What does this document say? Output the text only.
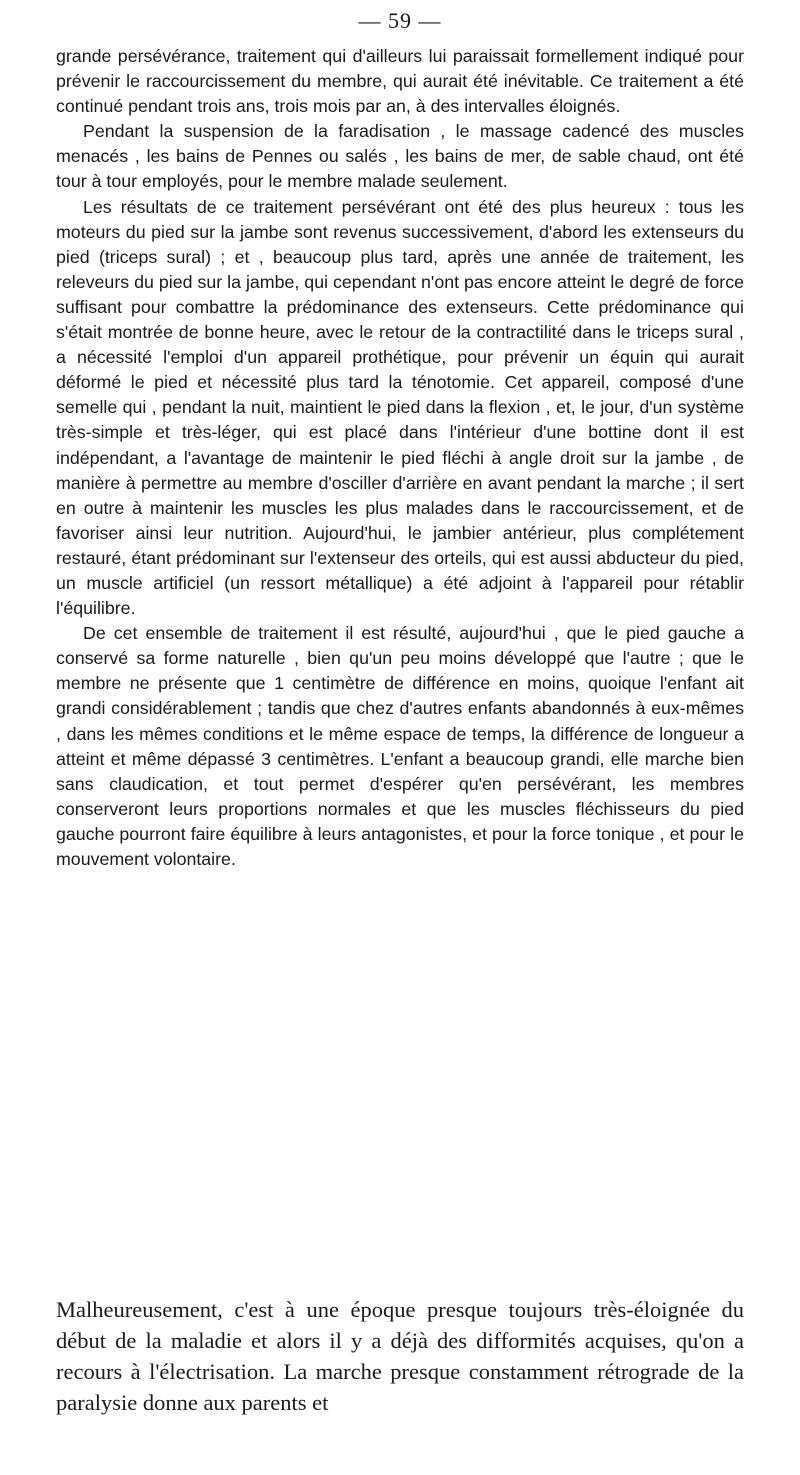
— 59 —

grande persévérance, traitement qui d'ailleurs lui paraissait formellement indiqué pour prévenir le raccourcissement du membre, qui aurait été inévitable. Ce traitement a été continué pendant trois ans, trois mois par an, à des intervalles éloignés.

Pendant la suspension de la faradisation , le massage cadencé des muscles menacés , les bains de Pennes ou salés , les bains de mer, de sable chaud, ont été tour à tour employés, pour le membre malade seulement.

Les résultats de ce traitement persévérant ont été des plus heureux : tous les moteurs du pied sur la jambe sont revenus successivement, d'abord les extenseurs du pied (triceps sural) ; et , beaucoup plus tard, après une année de traitement, les releveurs du pied sur la jambe, qui cependant n'ont pas encore atteint le degré de force suffisant pour combattre la prédominance des extenseurs. Cette prédominance qui s'était montrée de bonne heure, avec le retour de la contractilité dans le triceps sural , a nécessité l'emploi d'un appareil prothétique, pour prévenir un équin qui aurait déformé le pied et nécessité plus tard la ténotomie. Cet appareil, composé d'une semelle qui , pendant la nuit, maintient le pied dans la flexion , et, le jour, d'un système très-simple et très-léger, qui est placé dans l'intérieur d'une bottine dont il est indépendant, a l'avantage de maintenir le pied fléchi à angle droit sur la jambe , de manière à permettre au membre d'osciller d'arrière en avant pendant la marche ; il sert en outre à maintenir les muscles les plus malades dans le raccourcissement, et de favoriser ainsi leur nutrition. Aujourd'hui, le jambier antérieur, plus complétement restauré, étant prédominant sur l'extenseur des orteils, qui est aussi abducteur du pied, un muscle artificiel (un ressort métallique) a été adjoint à l'appareil pour rétablir l'équilibre.

De cet ensemble de traitement il est résulté, aujourd'hui , que le pied gauche a conservé sa forme naturelle , bien qu'un peu moins développé que l'autre ; que le membre ne présente que 1 centimètre de différence en moins, quoique l'enfant ait grandi considérablement ; tandis que chez d'autres enfants abandonnés à eux-mêmes , dans les mêmes conditions et le même espace de temps, la différence de longueur a atteint et même dépassé 3 centimètres. L'enfant a beaucoup grandi, elle marche bien sans claudication, et tout permet d'espérer qu'en persévérant, les membres conserveront leurs proportions normales et que les muscles fléchisseurs du pied gauche pourront faire équilibre à leurs antagonistes, et pour la force tonique , et pour le mouvement volontaire.

Malheureusement, c'est à une époque presque toujours très-éloignée du début de la maladie et alors il y a déjà des difformités acquises, qu'on a recours à l'électrisation. La marche presque constamment rétrograde de la paralysie donne aux parents et
